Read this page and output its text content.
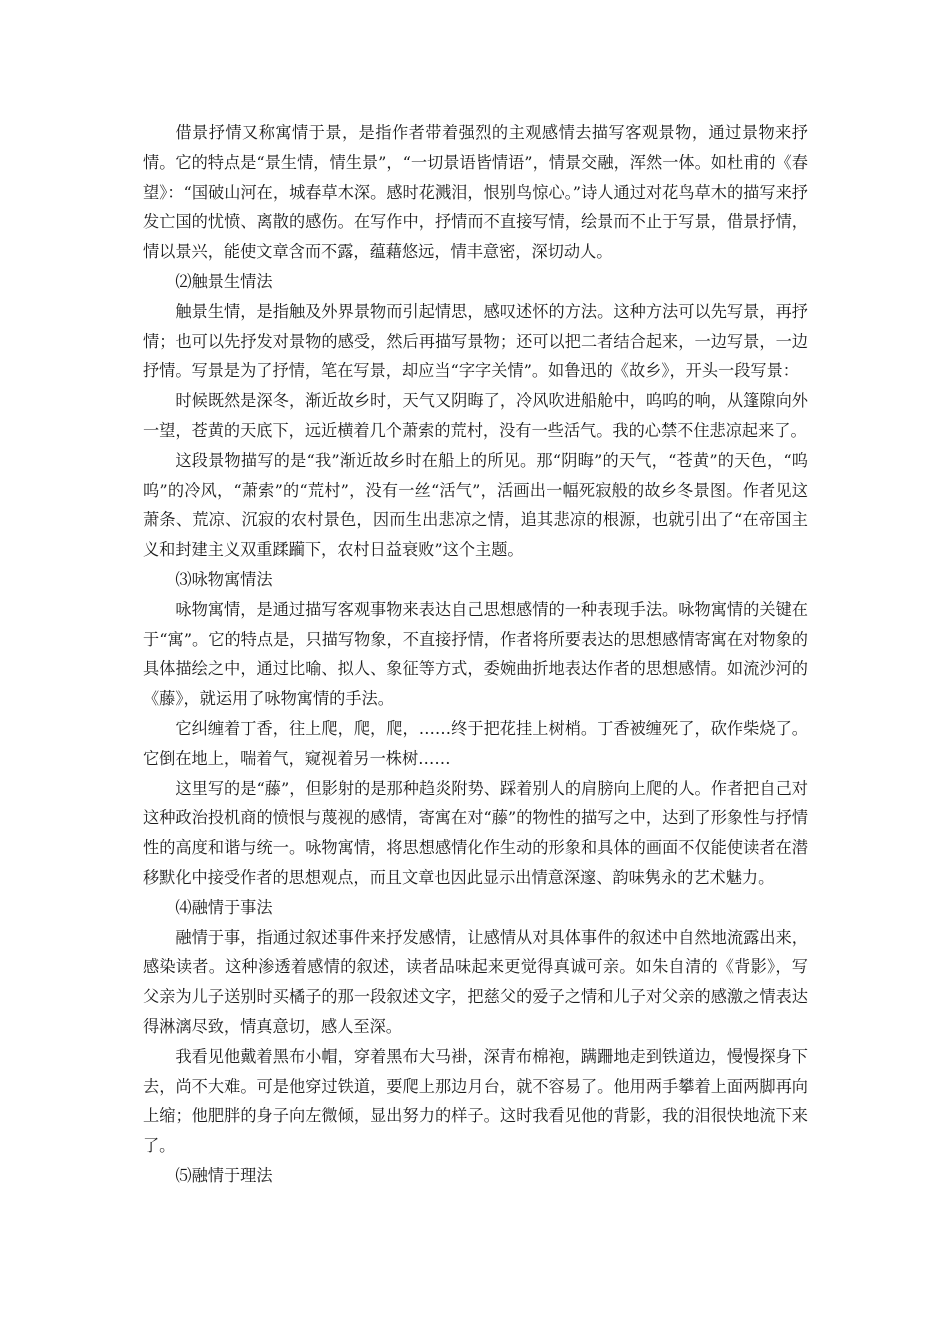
借景抒情又称寓情于景，是指作者带着强烈的主观感情去描写客观景物，通过景物来抒情。它的特点是“景生情，情生景”，“一切景语皆情语”，情景交融，浑然一体。如杜甫的《春望》：“国破山河在，城春草木深。感时花溅泪，恨别鸟惊心。”诗人通过对花鸟草木的描写来抒发亡国的忧愤、离散的感伤。在写作中，抒情而不直接写情，绘景而不止于写景，借景抒情，情以景兴，能使文章含而不露，蕴藉悠远，情丰意密，深切动人。

⑵触景生情法

触景生情，是指触及外界景物而引起情思，感叹述怀的方法。这种方法可以先写景，再抒情；也可以先抒发对景物的感受，然后再描写景物；还可以把二者结合起来，一边写景，一边抒情。写景是为了抒情，笔在写景，却应当“字字关情”。如鲁迅的《故乡》，开头一段写景：

时候既然是深冬，渐近故乡时，天气又阴晦了，冷风吹进船舱中，呜呜的响，从篷隙向外一望，苍黄的天底下，远近横着几个萧索的荒村，没有一些活气。我的心禁不住悲凉起来了。

这段景物描写的是“我”渐近故乡时在船上的所见。那“阴晦”的天气，“苍黄”的天色，“呜呜”的冷风，“萧索”的“荒村”，没有一丝“活气”，活画出一幅死寂般的故乡冬景图。作者见这萧条、荒凉、沉寂的农村景色，因而生出悲凉之情，追其悲凉的根源，也就引出了“在帝国主义和封建主义双重蹂躏下，农村日益衰败”这个主题。

⑶咏物寓情法

咏物寓情，是通过描写客观事物来表达自己思想感情的一种表现手法。咏物寓情的关键在于“寓”。它的特点是，只描写物象，不直接抒情，作者将所要表达的思想感情寄寓在对物象的具体描绘之中，通过比喻、拟人、象征等方式，委婉曲折地表达作者的思想感情。如流沙河的《藤》，就运用了咏物寓情的手法。

它纠缠着丁香，往上爬，爬，爬，……终于把花挂上树梢。丁香被缠死了，砍作柴烧了。它倒在地上，喘着气，窥视着另一株树……

这里写的是“藤”，但影射的是那种趋炎附势、踩着别人的肩膀向上爬的人。作者把自己对这种政治投机商的愤恨与蔑视的感情，寄寓在对“藤”的物性的描写之中，达到了形象性与抒情性的高度和谐与统一。咏物寓情，将思想感情化作生动的形象和具体的画面不仅能使读者在潜移默化中接受作者的思想观点，而且文章也因此显示出情意深邃、韵味隽永的艺术魅力。

⑷融情于事法

融情于事，指通过叙述事件来抒发感情，让感情从对具体事件的叙述中自然地流露出来，感染读者。这种渗透着感情的叙述，读者品味起来更觉得真诚可亲。如朱自清的《背影》，写父亲为儿子送别时买橘子的那一段叙述文字，把慈父的爱子之情和儿子对父亲的感激之情表达得淋漓尽致，情真意切，感人至深。

我看见他戴着黑布小帽，穿着黑布大马褂，深青布棉袍，蹒跚地走到铁道边，慢慢探身下去，尚不大难。可是他穿过铁道，要爬上那边月台，就不容易了。他用两手攀着上面两脚再向上缩；他肥胖的身子向左微倾，显出努力的样子。这时我看见他的背影，我的泪很快地流下来了。

⑸融情于理法
